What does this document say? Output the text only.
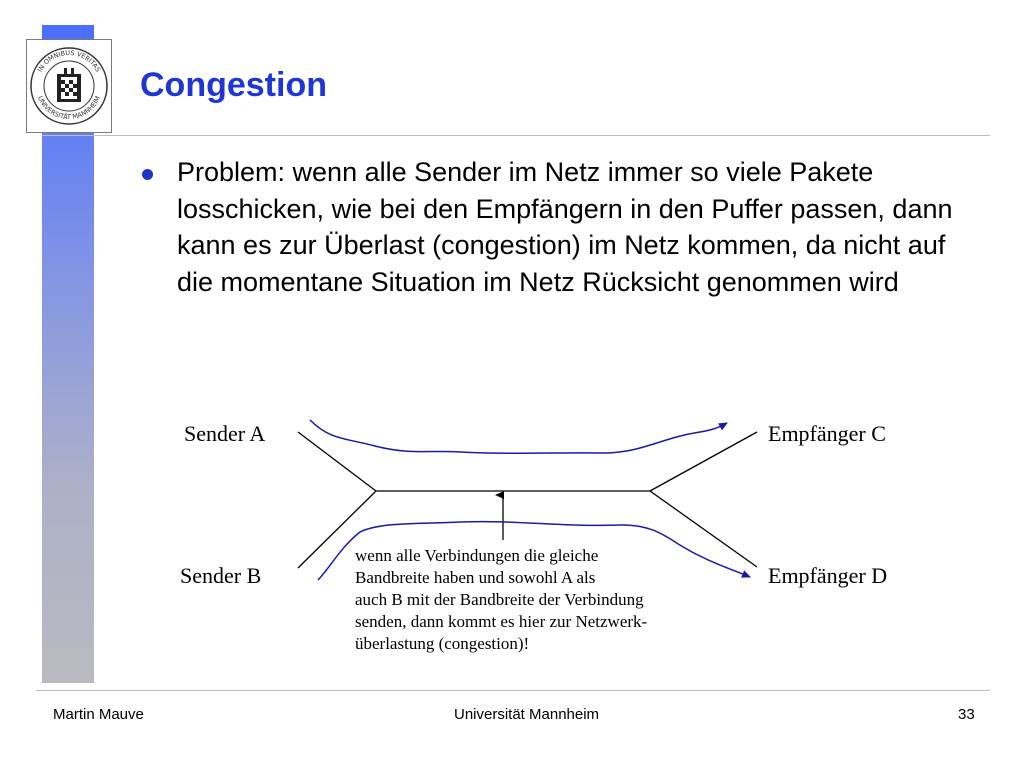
IN OMNIBUS VERITAS
UNIVERSITÄT MANNHEIM Congestion

Problem: wenn alle Sender im Netz immer so viele Pakete losschicken, wie bei den Empfängern in den Puffer passen, dann kann es zur Überlast (congestion) im Netz kommen, da nicht auf die momentane Situation im Netz Rücksicht genommen wird

Sender A
Sender B
Empfänger C
Empfänger D
wenn alle Verbindungen die gleiche
Bandbreite haben und sowohl A als
auch B mit der Bandbreite der Verbindung
senden, dann kommt es hier zur Netzwerk-
überlastung (congestion)!
Martin Mauve	Universität Mannheim	33
